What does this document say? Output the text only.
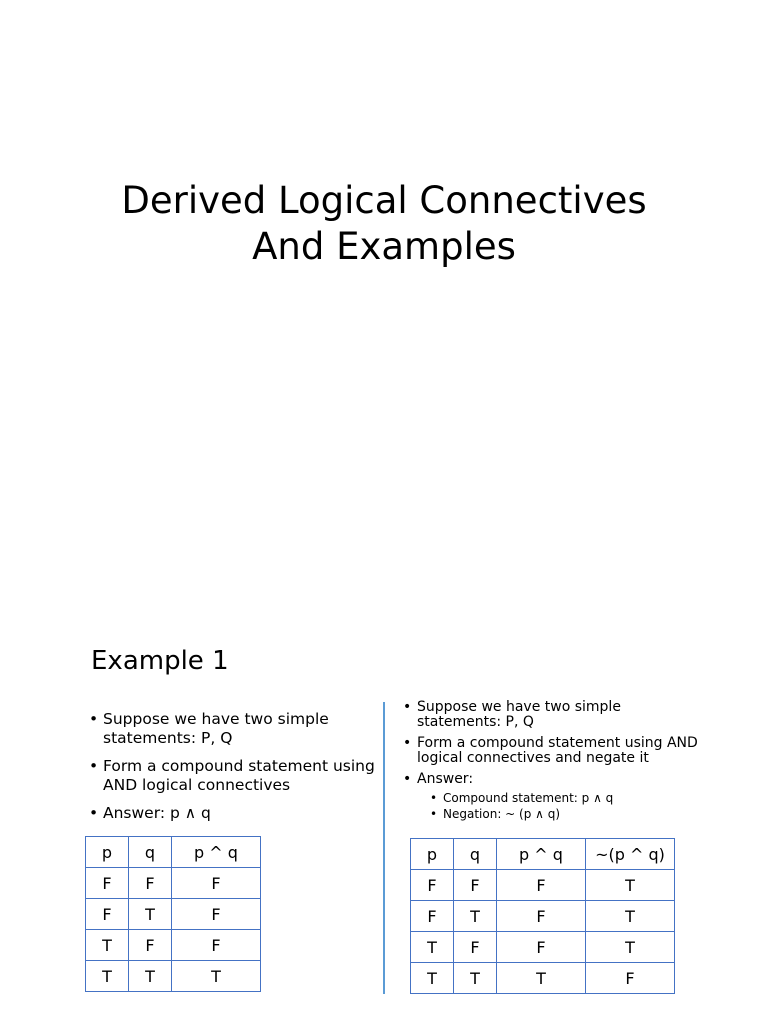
Derived Logical Connectives
And Examples
Example 1
• Suppose we have two simple statements: P, Q
• Form a compound statement using AND logical connectives
• Answer: p ∧ q
p	q	p ^ q
F	F	F
F	T	F
T	F	F
T	T	T
• Suppose we have two simple statements: P, Q
• Form a compound statement using AND logical connectives and negate it
• Answer:
• Compound statement: p ∧ q
• Negation: ~ (p ∧ q)
p	q	p ^ q	~(p ^ q)
F	F	F	T
F	T	F	T
T	F	F	T
T	T	T	F
